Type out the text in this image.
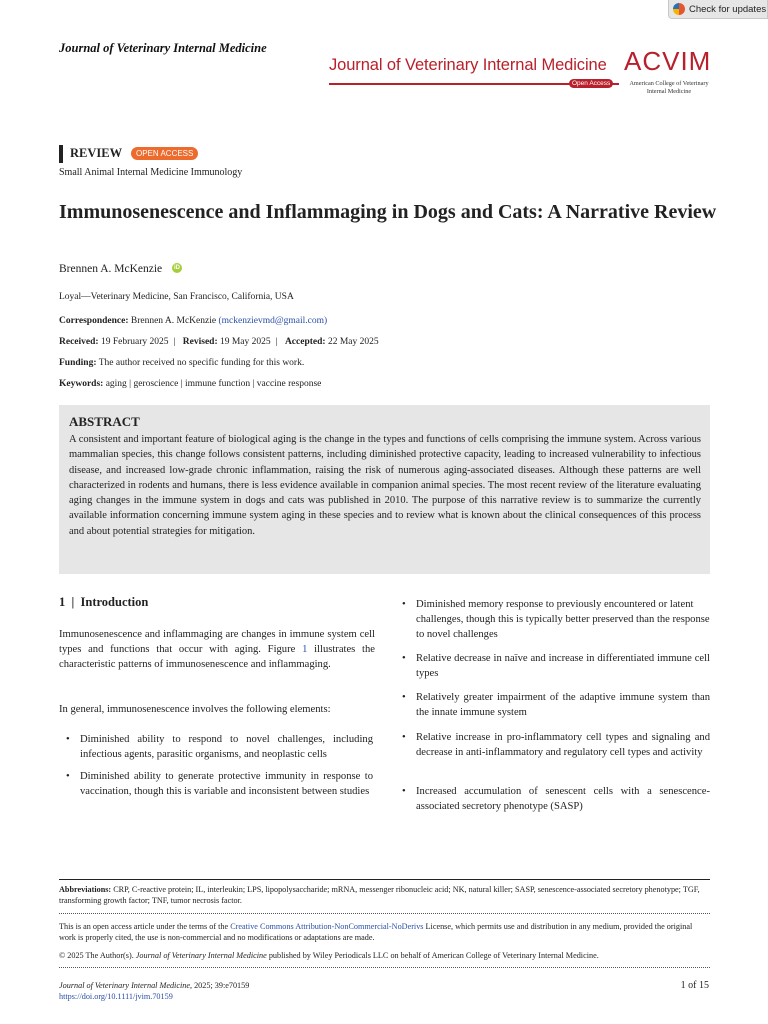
Check for updates
Journal of Veterinary Internal Medicine
Journal of Veterinary Internal Medicine
Open Access
ACVIM
American College of Veterinary Internal Medicine
REVIEW	OPEN ACCESS
Small Animal Internal Medicine Immunology
Immunosenescence and Inflammaging in Dogs and Cats: A Narrative Review
Brennen A. McKenzie	iD
Loyal—Veterinary Medicine, San Francisco, California, USA
Correspondence: Brennen A. McKenzie (mckenzievmd@gmail.com)
Received: 19 February 2025 | Revised: 19 May 2025 | Accepted: 22 May 2025
Funding: The author received no specific funding for this work.
Keywords: aging | geroscience | immune function | vaccine response
ABSTRACT
A consistent and important feature of biological aging is the change in the types and functions of cells comprising the immune system. Across various mammalian species, this change follows consistent patterns, including diminished protective capacity, leading to increased vulnerability to infectious disease, and increased low-grade chronic inflammation, raising the risk of numerous aging-associated diseases. Although these patterns are well characterized in rodents and humans, there is less evidence available in companion animal species. The most recent review of the literature evaluating aging changes in the immune system in dogs and cats was published in 2010. The purpose of this narrative review is to summarize the currently available information concerning immune system aging in these species and to review what is known about the clinical consequences of this process and about potential strategies for mitigation.
1  |  Introduction
Immunosenescence and inflammaging are changes in immune system cell types and functions that occur with aging. Figure 1 illustrates the characteristic patterns of immunosenescence and inflammaging.
In general, immunosenescence involves the following elements:
• Diminished ability to respond to novel challenges, including infectious agents, parasitic organisms, and neoplastic cells
• Diminished ability to generate protective immunity in response to vaccination, though this is variable and inconsistent between studies
• Diminished memory response to previously encountered or latent challenges, though this is typically better preserved than the response to novel challenges
• Relative decrease in naïve and increase in differentiated immune cell types
• Relatively greater impairment of the adaptive immune system than the innate immune system
• Relative increase in pro-inflammatory cell types and signaling and decrease in anti-inflammatory and regulatory cell types and activity
• Increased accumulation of senescent cells with a senescence-associated secretory phenotype (SASP)
Abbreviations: CRP, C-reactive protein; IL, interleukin; LPS, lipopolysaccharide; mRNA, messenger ribonucleic acid; NK, natural killer; SASP, senescence-associated secretory phenotype; TGF, transforming growth factor; TNF, tumor necrosis factor.
This is an open access article under the terms of the Creative Commons Attribution-NonCommercial-NoDerivs License, which permits use and distribution in any medium, provided the original work is properly cited, the use is non-commercial and no modifications or adaptations are made.
© 2025 The Author(s). Journal of Veterinary Internal Medicine published by Wiley Periodicals LLC on behalf of American College of Veterinary Internal Medicine.
Journal of Veterinary Internal Medicine, 2025; 39:e70159
https://doi.org/10.1111/jvim.70159
1 of 15
